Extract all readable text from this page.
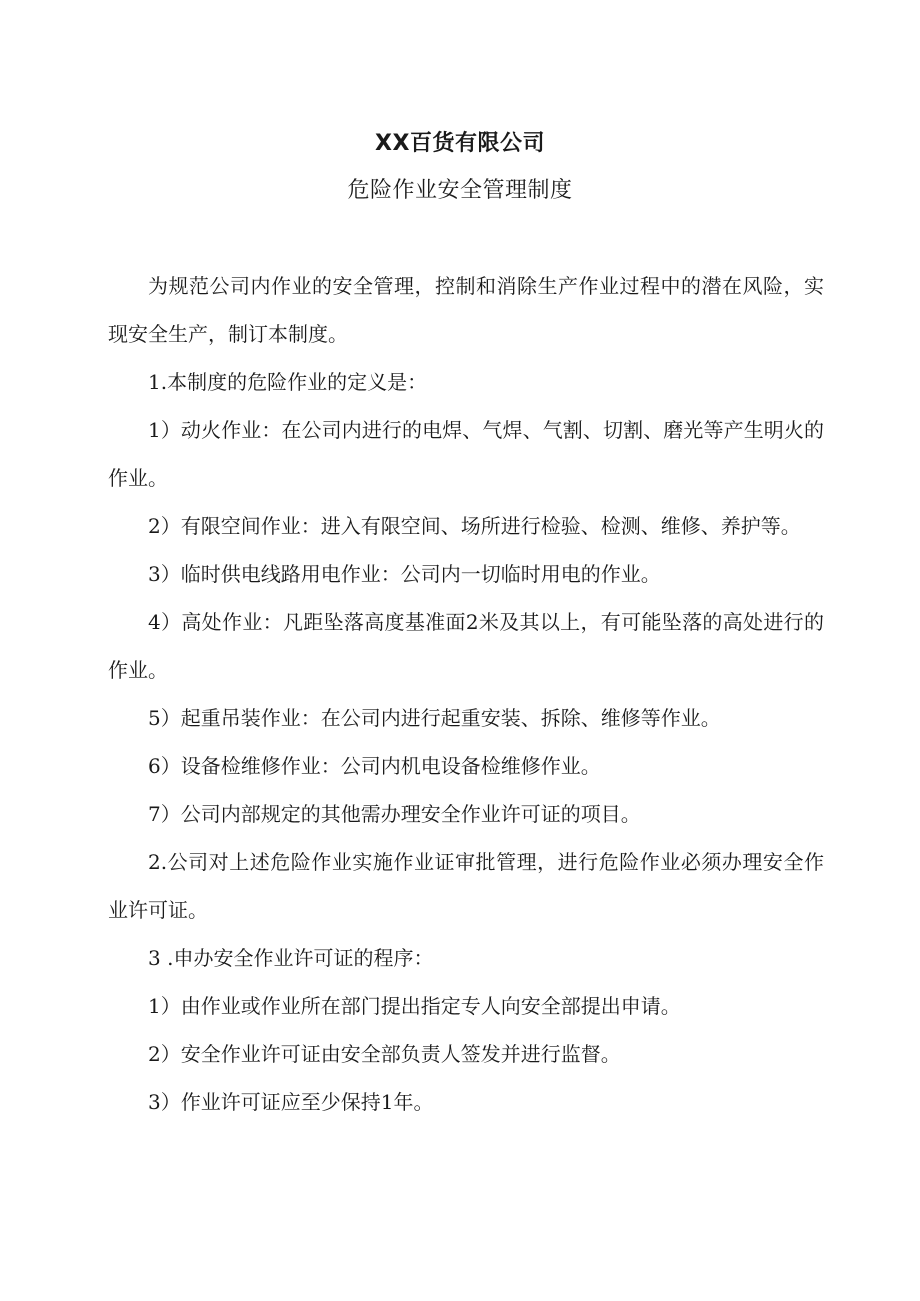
XX百货有限公司
危险作业安全管理制度

为规范公司内作业的安全管理，控制和消除生产作业过程中的潜在风险，实现安全生产，制订本制度。

1.本制度的危险作业的定义是：

1）动火作业：在公司内进行的电焊、气焊、气割、切割、磨光等产生明火的作业。

2）有限空间作业：进入有限空间、场所进行检验、检测、维修、养护等。

3）临时供电线路用电作业：公司内一切临时用电的作业。

4）高处作业：凡距坠落高度基准面2米及其以上，有可能坠落的高处进行的作业。

5）起重吊装作业：在公司内进行起重安装、拆除、维修等作业。

6）设备检维修作业：公司内机电设备检维修作业。

7）公司内部规定的其他需办理安全作业许可证的项目。

2.公司对上述危险作业实施作业证审批管理，进行危险作业必须办理安全作业许可证。

3 .申办安全作业许可证的程序：

1）由作业或作业所在部门提出指定专人向安全部提出申请。

2）安全作业许可证由安全部负责人签发并进行监督。

3）作业许可证应至少保持1年。
